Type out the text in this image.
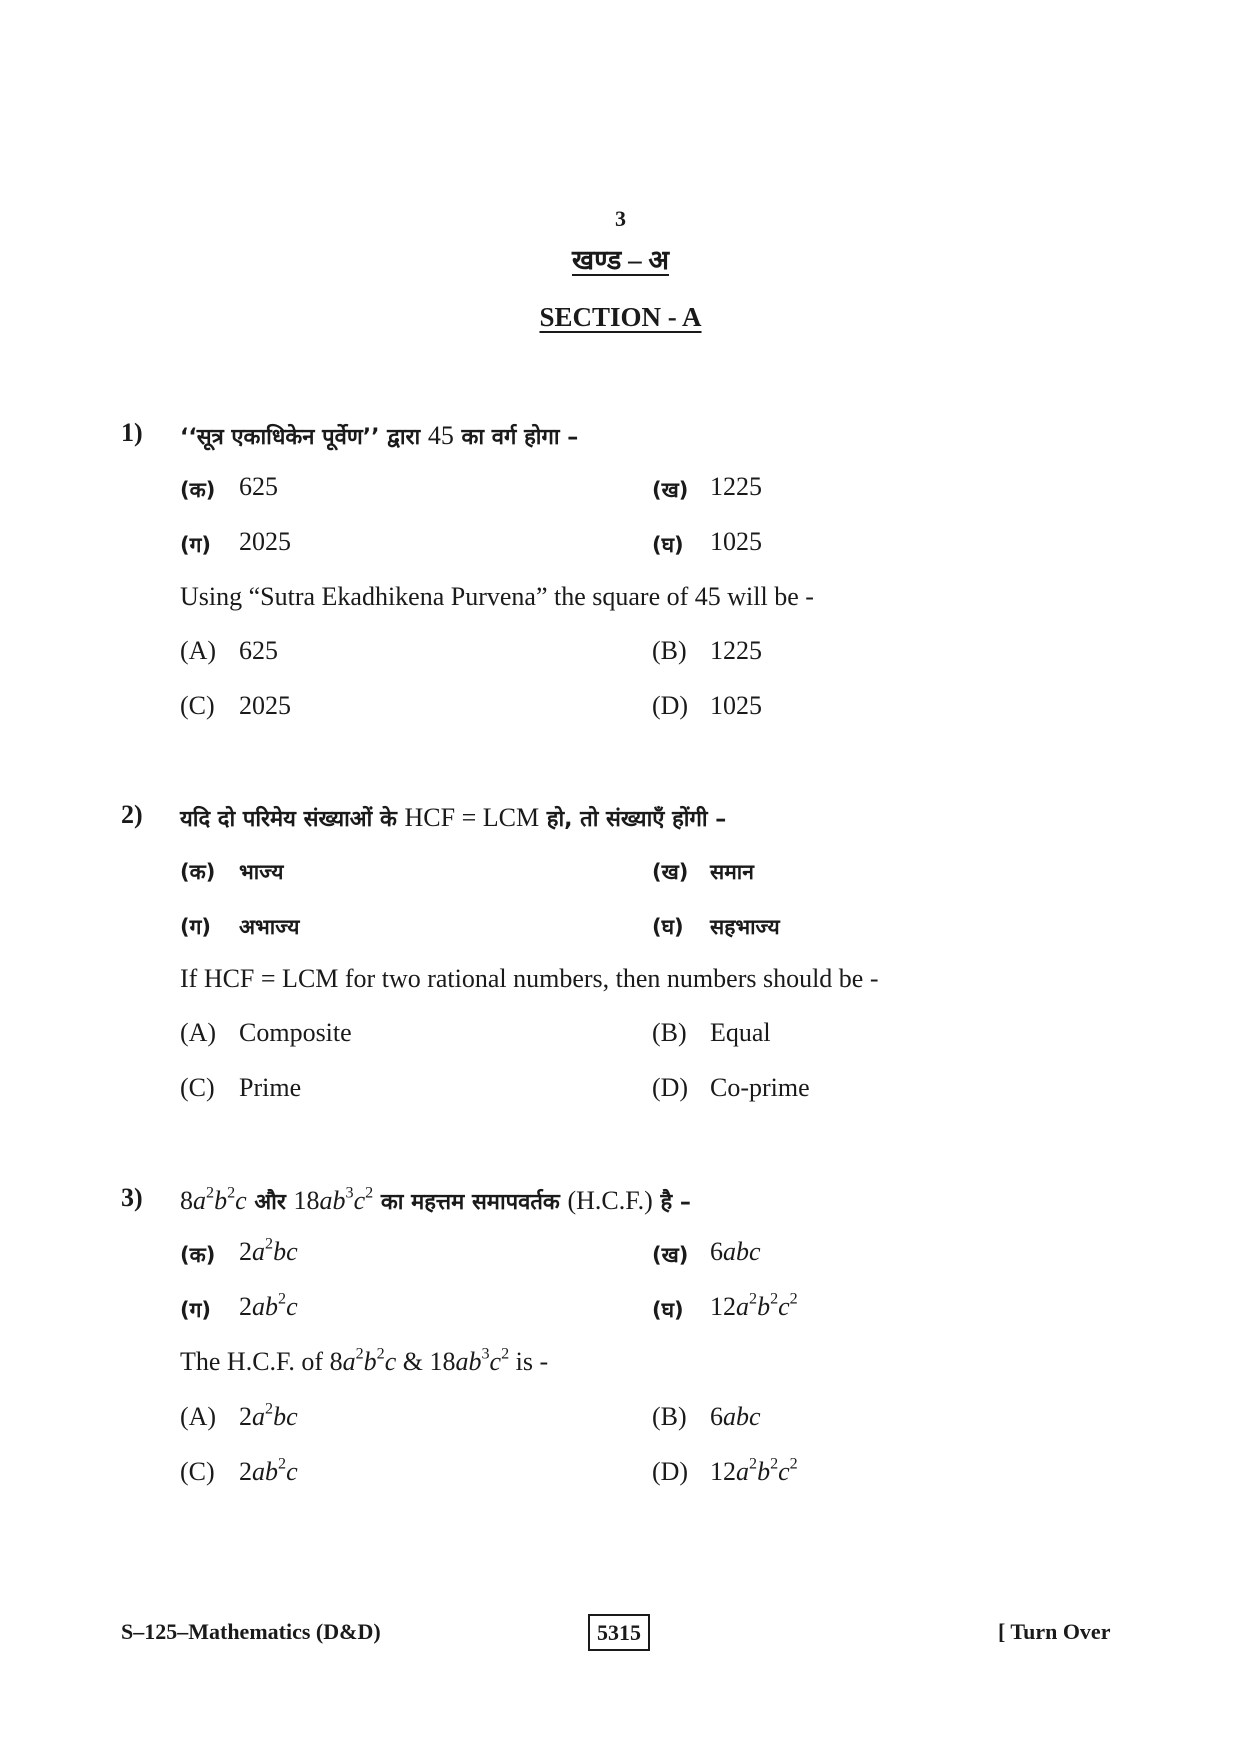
3
खण्ड – अ
SECTION - A
1) ‘‘सूत्र एकाधिकेन पूर्वेण’’ द्वारा 45 का वर्ग होगा –
(क) 625	(ख) 1225
(ग) 2025	(घ) 1025
Using “Sutra Ekadhikena Purvena” the square of 45 will be -
(A) 625	(B) 1225
(C) 2025	(D) 1025
2) यदि दो परिमेय संख्याओं के HCF = LCM हो, तो संख्याएँ होंगी –
(क) भाज्य	(ख) समान
(ग) अभाज्य	(घ) सहभाज्य
If HCF = LCM for two rational numbers, then numbers should be -
(A) Composite	(B) Equal
(C) Prime	(D) Co-prime
3) $8a^2b^2c$ और $18ab^3c^2$ का महत्तम समापवर्तक (H.C.F.) है –
(क) $2a^2bc$	(ख) 6abc
(ग) $2ab^2c$	(घ) $12a^2b^2c^2$
The H.C.F. of $8a^2b^2c$ & $18ab^3c^2$ is -
(A) $2a^2bc$	(B) 6abc
(C) $2ab^2c$	(D) $12a^2b^2c^2$
S–125–Mathematics (D&D)	5315	[ Turn Over
